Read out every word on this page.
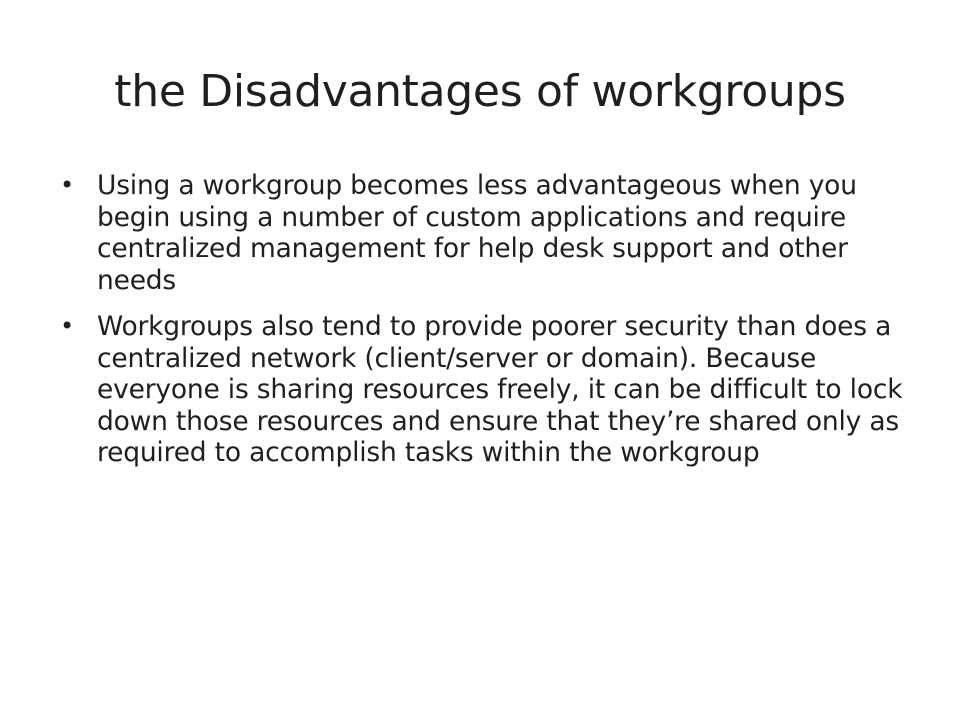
the Disadvantages of workgroups
• Using a workgroup becomes less advantageous when you begin using a number of custom applications and require centralized management for help desk support and other needs
• Workgroups also tend to provide poorer security than does a centralized network (client/server or domain). Because everyone is sharing resources freely, it can be difficult to lock down those resources and ensure that they’re shared only as required to accomplish tasks within the workgroup
